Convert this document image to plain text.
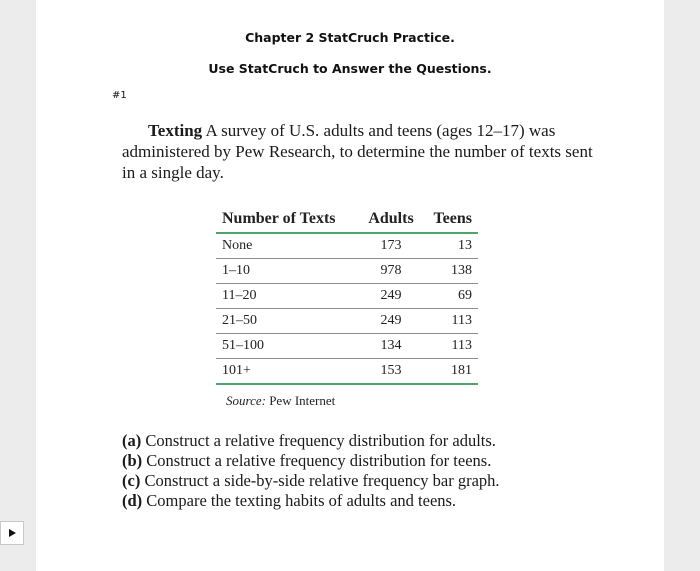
Chapter 2 StatCruch Practice.
Use StatCruch to Answer the Questions.
#1
Texting A survey of U.S. adults and teens (ages 12–17) was administered by Pew Research, to determine the number of texts sent in a single day.
Number of Texts	Adults	Teens
None	173	13
1–10	978	138
11–20	249	69
21–50	249	113
51–100	134	113
101+	153	181
Source: Pew Internet
(a) Construct a relative frequency distribution for adults.
(b) Construct a relative frequency distribution for teens.
(c) Construct a side-by-side relative frequency bar graph.
(d) Compare the texting habits of adults and teens.
